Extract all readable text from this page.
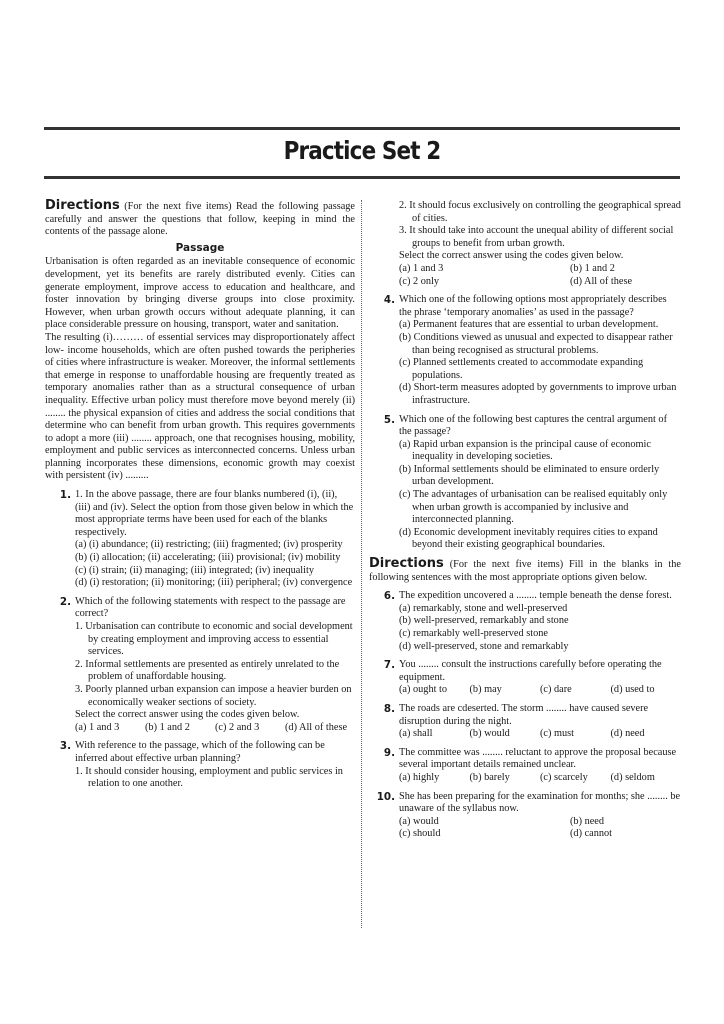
Practice Set 2
Directions (For the next five items) Read the following passage carefully and answer the questions that follow, keeping in mind the contents of the passage alone.
Passage
Urbanisation is often regarded as an inevitable consequence of economic development, yet its benefits are rarely distributed evenly. Cities can generate employment, improve access to education and healthcare, and foster innovation by bringing diverse groups into close proximity. However, when urban growth occurs without adequate planning, it can place considerable pressure on housing, transport, water and sanitation.
The resulting (i)……… of essential services may disproportionately affect low- income households, which are often pushed towards the peripheries of cities where infrastructure is weaker. Moreover, the informal settlements that emerge in response to unaffordable housing are frequently treated as temporary anomalies rather than as a structural consequence of urban inequality. Effective urban policy must therefore move beyond merely (ii) ........ the physical expansion of cities and address the social conditions that determine who can benefit from urban growth. This requires governments to adopt a more (iii) ........ approach, one that recognises housing, mobility, employment and public services as interconnected concerns. Unless urban planning incorporates these dimensions, economic growth may coexist with persistent (iv) .........
1. 1. In the above passage, there are four blanks numbered (i), (ii), (iii) and (iv). Select the option from those given below in which the most appropriate terms have been used for each of the blanks respectively.
(a) (i) abundance; (ii) restricting; (iii) fragmented; (iv) prosperity
(b) (i) allocation; (ii) accelerating; (iii) provisional; (iv) mobility
(c) (i) strain; (ii) managing; (iii) integrated; (iv) inequality
(d) (i) restoration; (ii) monitoring; (iii) peripheral; (iv) convergence
2. Which of the following statements with respect to the passage are correct?
1. Urbanisation can contribute to economic and social development by creating employment and improving access to essential services.
2. Informal settlements are presented as entirely unrelated to the problem of unaffordable housing.
3. Poorly planned urban expansion can impose a heavier burden on economically weaker sections of society.
Select the correct answer using the codes given below.
(a) 1 and 3	(b) 1 and 2	(c) 2 and 3	(d) All of these
3. With reference to the passage, which of the following can be inferred about effective urban planning?
1. It should consider housing, employment and public services in relation to one another.
2. It should focus exclusively on controlling the geographical spread of cities.
3. It should take into account the unequal ability of different social groups to benefit from urban growth.
Select the correct answer using the codes given below.
(a) 1 and 3	(b) 1 and 2
(c) 2 only	(d) All of these
4. Which one of the following options most appropriately describes the phrase ‘temporary anomalies’ as used in the passage?
(a) Permanent features that are essential to urban development.
(b) Conditions viewed as unusual and expected to disappear rather than being recognised as structural problems.
(c) Planned settlements created to accommodate expanding populations.
(d) Short-term measures adopted by governments to improve urban infrastructure.
5. Which one of the following best captures the central argument of the passage?
(a) Rapid urban expansion is the principal cause of economic inequality in developing societies.
(b) Informal settlements should be eliminated to ensure orderly urban development.
(c) The advantages of urbanisation can be realised equitably only when urban growth is accompanied by inclusive and interconnected planning.
(d) Economic development inevitably requires cities to expand beyond their existing geographical boundaries.
Directions (For the next five items) Fill in the blanks in the following sentences with the most appropriate options given below.
6. The expedition uncovered a ........ temple beneath the dense forest.
(a) remarkably, stone and well-preserved
(b) well-preserved, remarkably and stone
(c) remarkably well-preserved stone
(d) well-preserved, stone and remarkably
7. You ........ consult the instructions carefully before operating the equipment.
(a) ought to	(b) may	(c) dare	(d) used to
8. The roads are cdeserted. The storm ........ have caused severe disruption during the night.
(a) shall	(b) would	(c) must	(d) need
9. The committee was ........ reluctant to approve the proposal because several important details remained unclear.
(a) highly	(b) barely	(c) scarcely	(d) seldom
10. She has been preparing for the examination for months; she ........ be unaware of the syllabus now.
(a) would	(b) need
(c) should	(d) cannot
